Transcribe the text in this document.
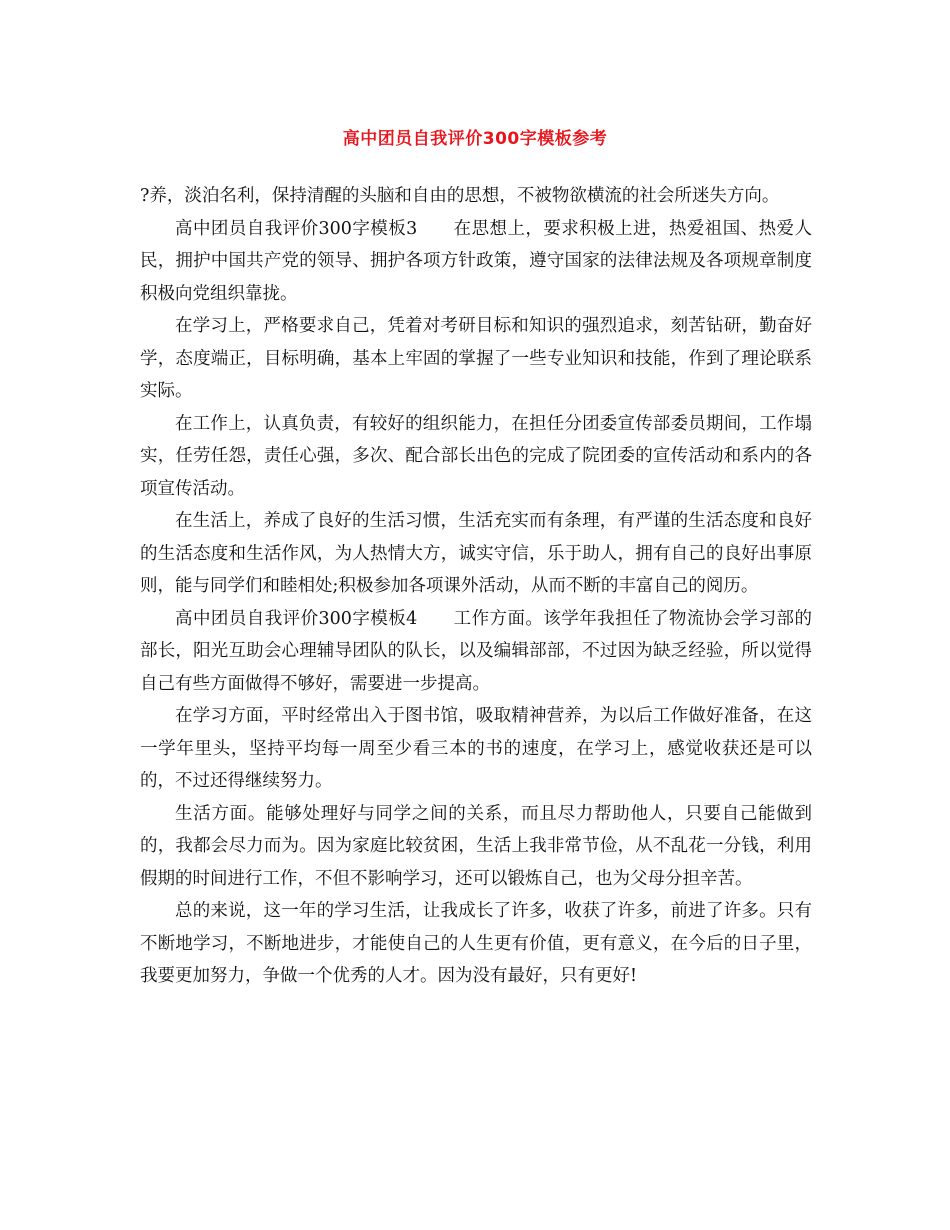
高中团员自我评价300字模板参考

?养，淡泊名利，保持清醒的头脑和自由的思想，不被物欲横流的社会所迷失方向。

高中团员自我评价300字模板3　　在思想上，要求积极上进，热爱祖国、热爱人民，拥护中国共产党的领导、拥护各项方针政策，遵守国家的法律法规及各项规章制度积极向党组织靠拢。

在学习上，严格要求自己，凭着对考研目标和知识的强烈追求，刻苦钻研，勤奋好学，态度端正，目标明确，基本上牢固的掌握了一些专业知识和技能，作到了理论联系实际。

在工作上，认真负责，有较好的组织能力，在担任分团委宣传部委员期间，工作塌实，任劳任怨，责任心强，多次、配合部长出色的完成了院团委的宣传活动和系内的各项宣传活动。

在生活上，养成了良好的生活习惯，生活充实而有条理，有严谨的生活态度和良好的生活态度和生活作风，为人热情大方，诚实守信，乐于助人，拥有自己的良好出事原则，能与同学们和睦相处;积极参加各项课外活动，从而不断的丰富自己的阅历。

高中团员自我评价300字模板4　　工作方面。该学年我担任了物流协会学习部的部长，阳光互助会心理辅导团队的队长，以及编辑部部，不过因为缺乏经验，所以觉得自己有些方面做得不够好，需要进一步提高。

在学习方面，平时经常出入于图书馆，吸取精神营养，为以后工作做好准备，在这一学年里头，坚持平均每一周至少看三本的书的速度，在学习上，感觉收获还是可以的，不过还得继续努力。

生活方面。能够处理好与同学之间的关系，而且尽力帮助他人，只要自己能做到的，我都会尽力而为。因为家庭比较贫困，生活上我非常节俭，从不乱花一分钱，利用假期的时间进行工作，不但不影响学习，还可以锻炼自己，也为父母分担辛苦。

总的来说，这一年的学习生活，让我成长了许多，收获了许多，前进了许多。只有不断地学习，不断地进步，才能使自己的人生更有价值，更有意义，在今后的日子里，我要更加努力，争做一个优秀的人才。因为没有最好，只有更好!
